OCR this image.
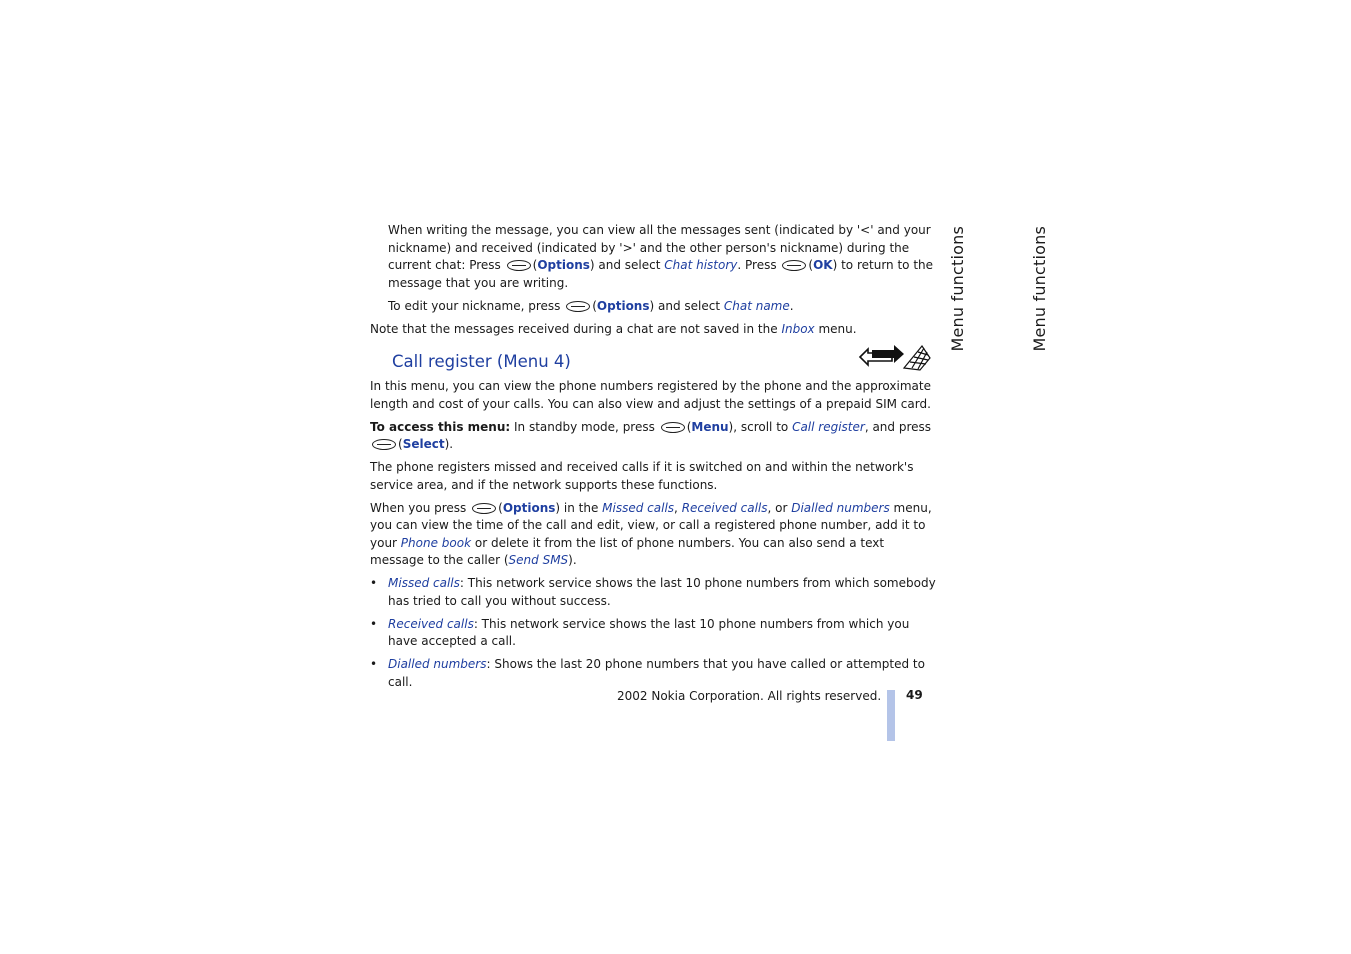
Menu functions	Menu functions

When writing the message, you can view all the messages sent (indicated by '<' and your nickname) and received (indicated by '>' and the other person's nickname) during the current chat: Press (Options) and select Chat history. Press (OK) to return to the message that you are writing.

To edit your nickname, press (Options) and select Chat name.

Note that the messages received during a chat are not saved in the Inbox menu.

Call register (Menu 4)

In this menu, you can view the phone numbers registered by the phone and the approximate length and cost of your calls. You can also view and adjust the settings of a prepaid SIM card.

To access this menu: In standby mode, press (Menu), scroll to Call register, and press (Select).

The phone registers missed and received calls if it is switched on and within the network's service area, and if the network supports these functions.

When you press (Options) in the Missed calls, Received calls, or Dialled numbers menu, you can view the time of the call and edit, view, or call a registered phone number, add it to your Phone book or delete it from the list of phone numbers. You can also send a text message to the caller (Send SMS).

• Missed calls: This network service shows the last 10 phone numbers from which somebody has tried to call you without success.
• Received calls: This network service shows the last 10 phone numbers from which you have accepted a call.
• Dialled numbers: Shows the last 20 phone numbers that you have called or attempted to call.
2002 Nokia Corporation. All rights reserved. 49
